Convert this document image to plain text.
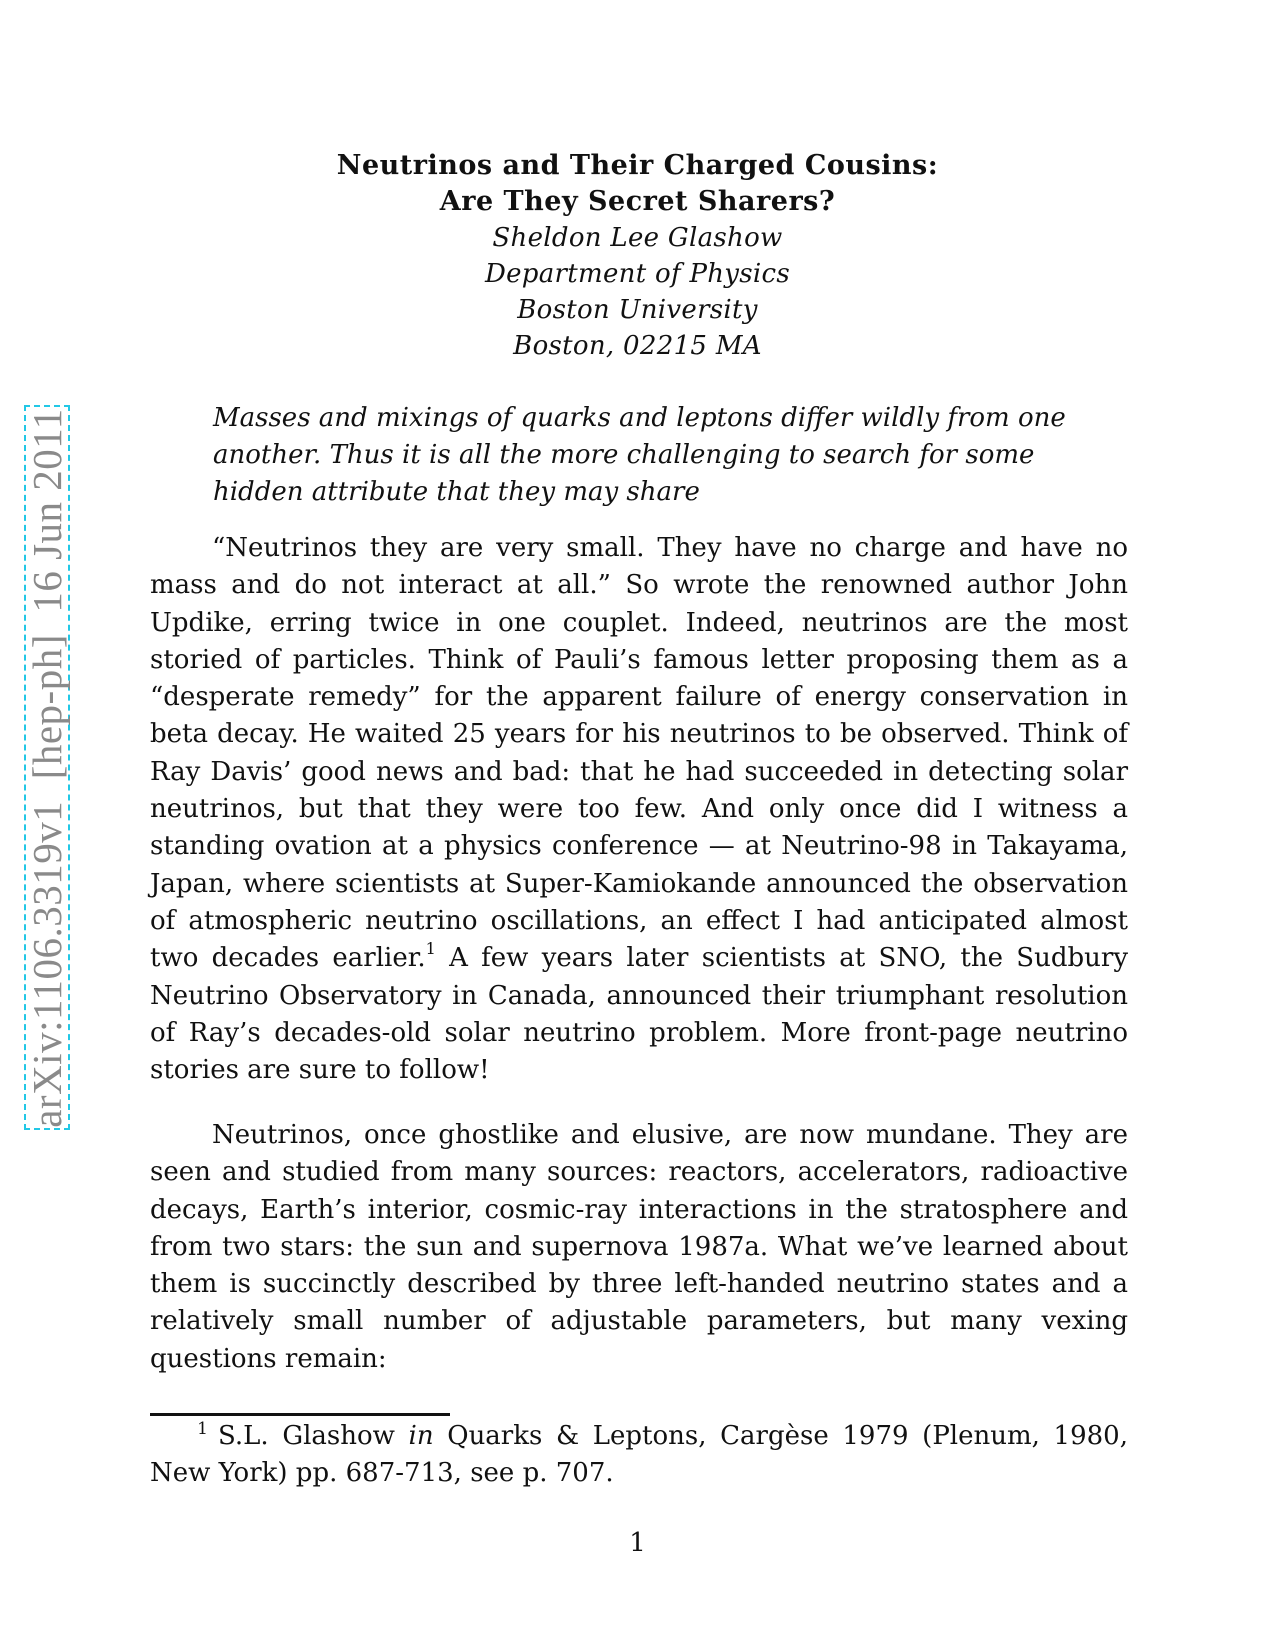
arXiv:1106.3319v1  [hep-ph]  16 Jun 2011
Neutrinos and Their Charged Cousins:
Are They Secret Sharers?
Sheldon Lee Glashow
Department of Physics
Boston University
Boston, 02215 MA
Masses and mixings of quarks and leptons differ wildly from one another. Thus it is all the more challenging to search for some hidden attribute that they may share
“Neutrinos they are very small. They have no charge and have no mass and do not interact at all.” So wrote the renowned author John Updike, erring twice in one couplet. Indeed, neutrinos are the most storied of particles. Think of Pauli’s famous letter proposing them as a “desperate remedy” for the apparent failure of energy conservation in beta decay. He waited 25 years for his neutrinos to be observed. Think of Ray Davis’ good news and bad: that he had succeeded in detecting solar neutrinos, but that they were too few. And only once did I witness a standing ovation at a physics conference — at Neutrino-98 in Takayama, Japan, where scientists at Super-Kamiokande announced the observation of atmospheric neutrino oscillations, an effect I had anticipated almost two decades earlier.$^1$ A few years later scientists at SNO, the Sudbury Neutrino Observatory in Canada, announced their triumphant resolution of Ray’s decades-old solar neutrino problem. More front-page neutrino stories are sure to follow!
Neutrinos, once ghostlike and elusive, are now mundane. They are seen and studied from many sources: reactors, accelerators, radioactive decays, Earth’s interior, cosmic-ray interactions in the stratosphere and from two stars: the sun and supernova 1987a. What we’ve learned about them is succinctly described by three left-handed neutrino states and a relatively small number of adjustable parameters, but many vexing questions remain:
1 S.L. Glashow in Quarks & Leptons, Cargèse 1979 (Plenum, 1980, New York) pp. 687-713, see p. 707.
1
